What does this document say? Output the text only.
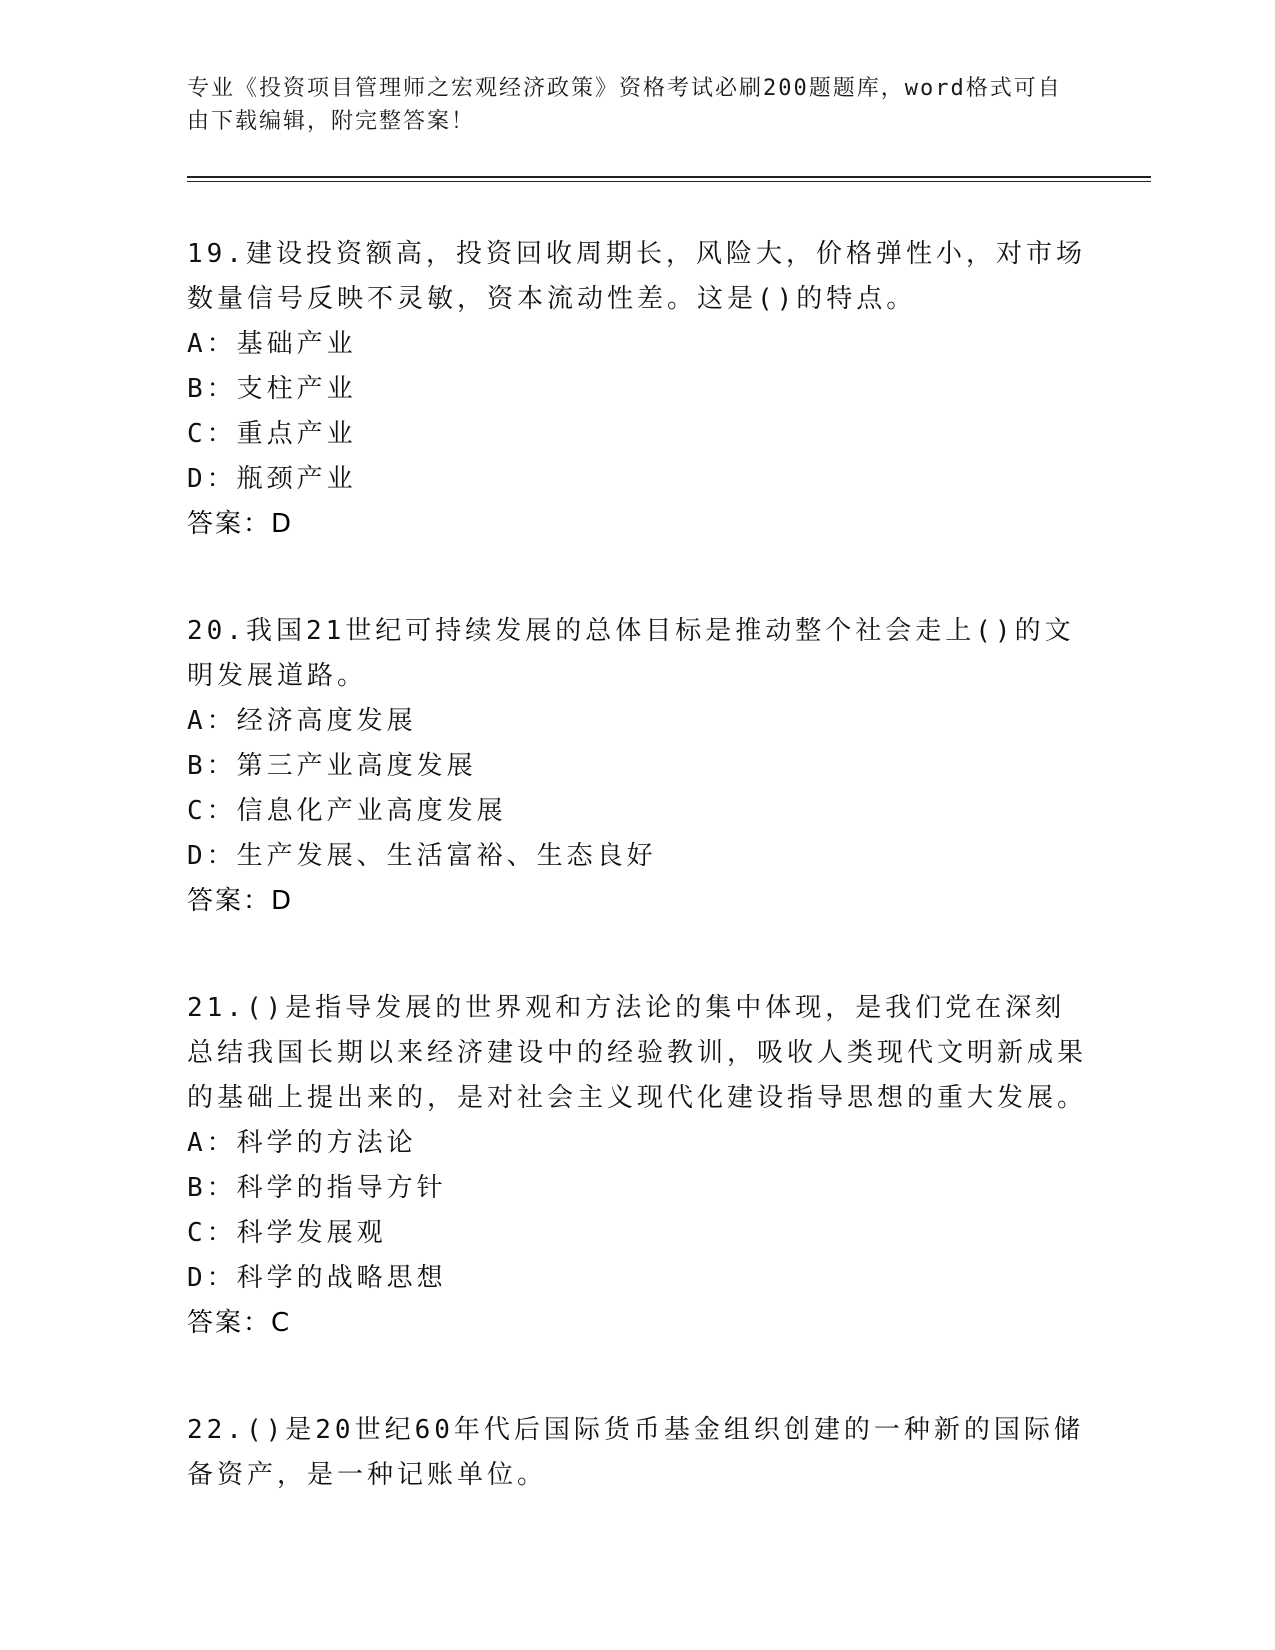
专业《投资项目管理师之宏观经济政策》资格考试必刷200题题库，word格式可自由下载编辑，附完整答案！

19.建设投资额高，投资回收周期长，风险大，价格弹性小，对市场数量信号反映不灵敏，资本流动性差。这是()的特点。

A：基础产业

B：支柱产业

C：重点产业

D：瓶颈产业

答案：D

20.我国21世纪可持续发展的总体目标是推动整个社会走上()的文明发展道路。

A：经济高度发展

B：第三产业高度发展

C：信息化产业高度发展

D：生产发展、生活富裕、生态良好

答案：D

21.()是指导发展的世界观和方法论的集中体现，是我们党在深刻总结我国长期以来经济建设中的经验教训，吸收人类现代文明新成果的基础上提出来的，是对社会主义现代化建设指导思想的重大发展。

A：科学的方法论

B：科学的指导方针

C：科学发展观

D：科学的战略思想

答案：C

22.()是20世纪60年代后国际货币基金组织创建的一种新的国际储备资产，是一种记账单位。
